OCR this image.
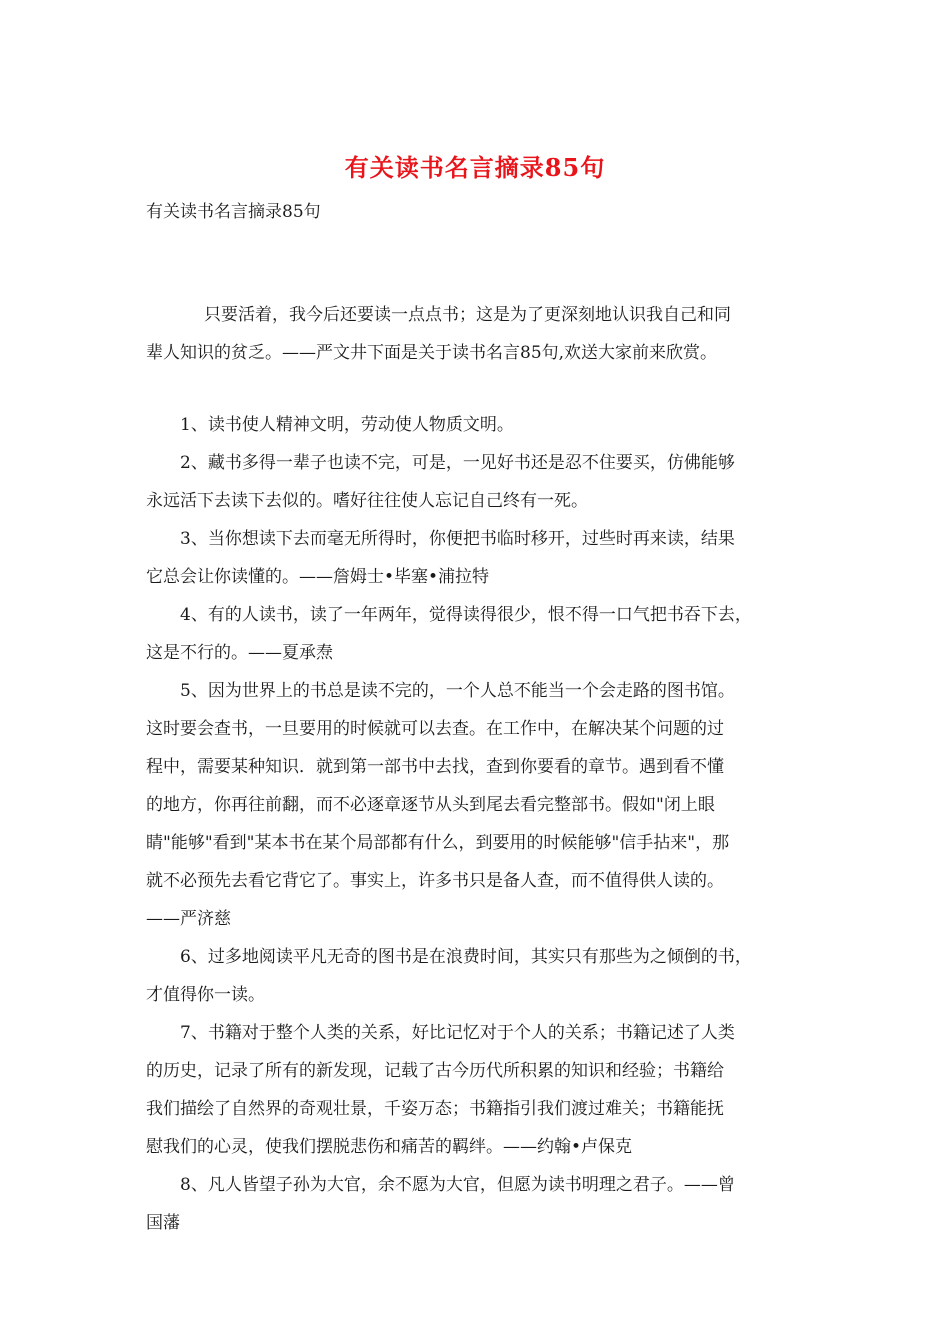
有关读书名言摘录85句
有关读书名言摘录85句
只要活着，我今后还要读一点点书；这是为了更深刻地认识我自己和同
辈人知识的贫乏。——严文井下面是关于读书名言85句,欢送大家前来欣赏。
1、读书使人精神文明，劳动使人物质文明。
2、藏书多得一辈子也读不完，可是，一见好书还是忍不住要买，仿佛能够
永远活下去读下去似的。嗜好往往使人忘记自己终有一死。
3、当你想读下去而毫无所得时，你便把书临时移开，过些时再来读，结果
它总会让你读懂的。——詹姆士•毕塞•浦拉特
4、有的人读书，读了一年两年，觉得读得很少，恨不得一口气把书吞下去，
这是不行的。——夏承焘
5、因为世界上的书总是读不完的，一个人总不能当一个会走路的图书馆。
这时要会查书，一旦要用的时候就可以去查。在工作中，在解决某个问题的过
程中，需要某种知识．就到第一部书中去找，查到你要看的章节。遇到看不懂
的地方，你再往前翻，而不必逐章逐节从头到尾去看完整部书。假如"闭上眼
睛"能够"看到"某本书在某个局部都有什么，到要用的时候能够"信手拈来"，那
就不必预先去看它背它了。事实上，许多书只是备人查，而不值得供人读的。
——严济慈
6、过多地阅读平凡无奇的图书是在浪费时间，其实只有那些为之倾倒的书，
才值得你一读。
7、书籍对于整个人类的关系，好比记忆对于个人的关系；书籍记述了人类
的历史，记录了所有的新发现，记载了古今历代所积累的知识和经验；书籍给
我们描绘了自然界的奇观壮景，千姿万态；书籍指引我们渡过难关；书籍能抚
慰我们的心灵，使我们摆脱悲伤和痛苦的羁绊。——约翰•卢保克
8、凡人皆望子孙为大官，余不愿为大官，但愿为读书明理之君子。——曾
国藩
